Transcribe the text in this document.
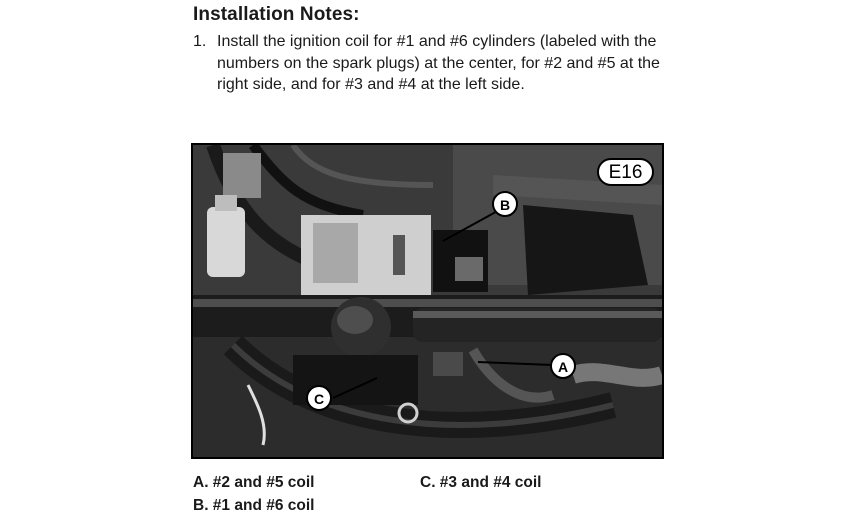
Installation Notes:
1. Install the ignition coil for #1 and #6 cylinders (labeled with the numbers on the spark plugs) at the center, for #2 and #5 at the right side, and for #3 and #4 at the left side.
E16
B
A
C
A. #2 and #5 coil
B. #1 and #6 coil
C. #3 and #4 coil
